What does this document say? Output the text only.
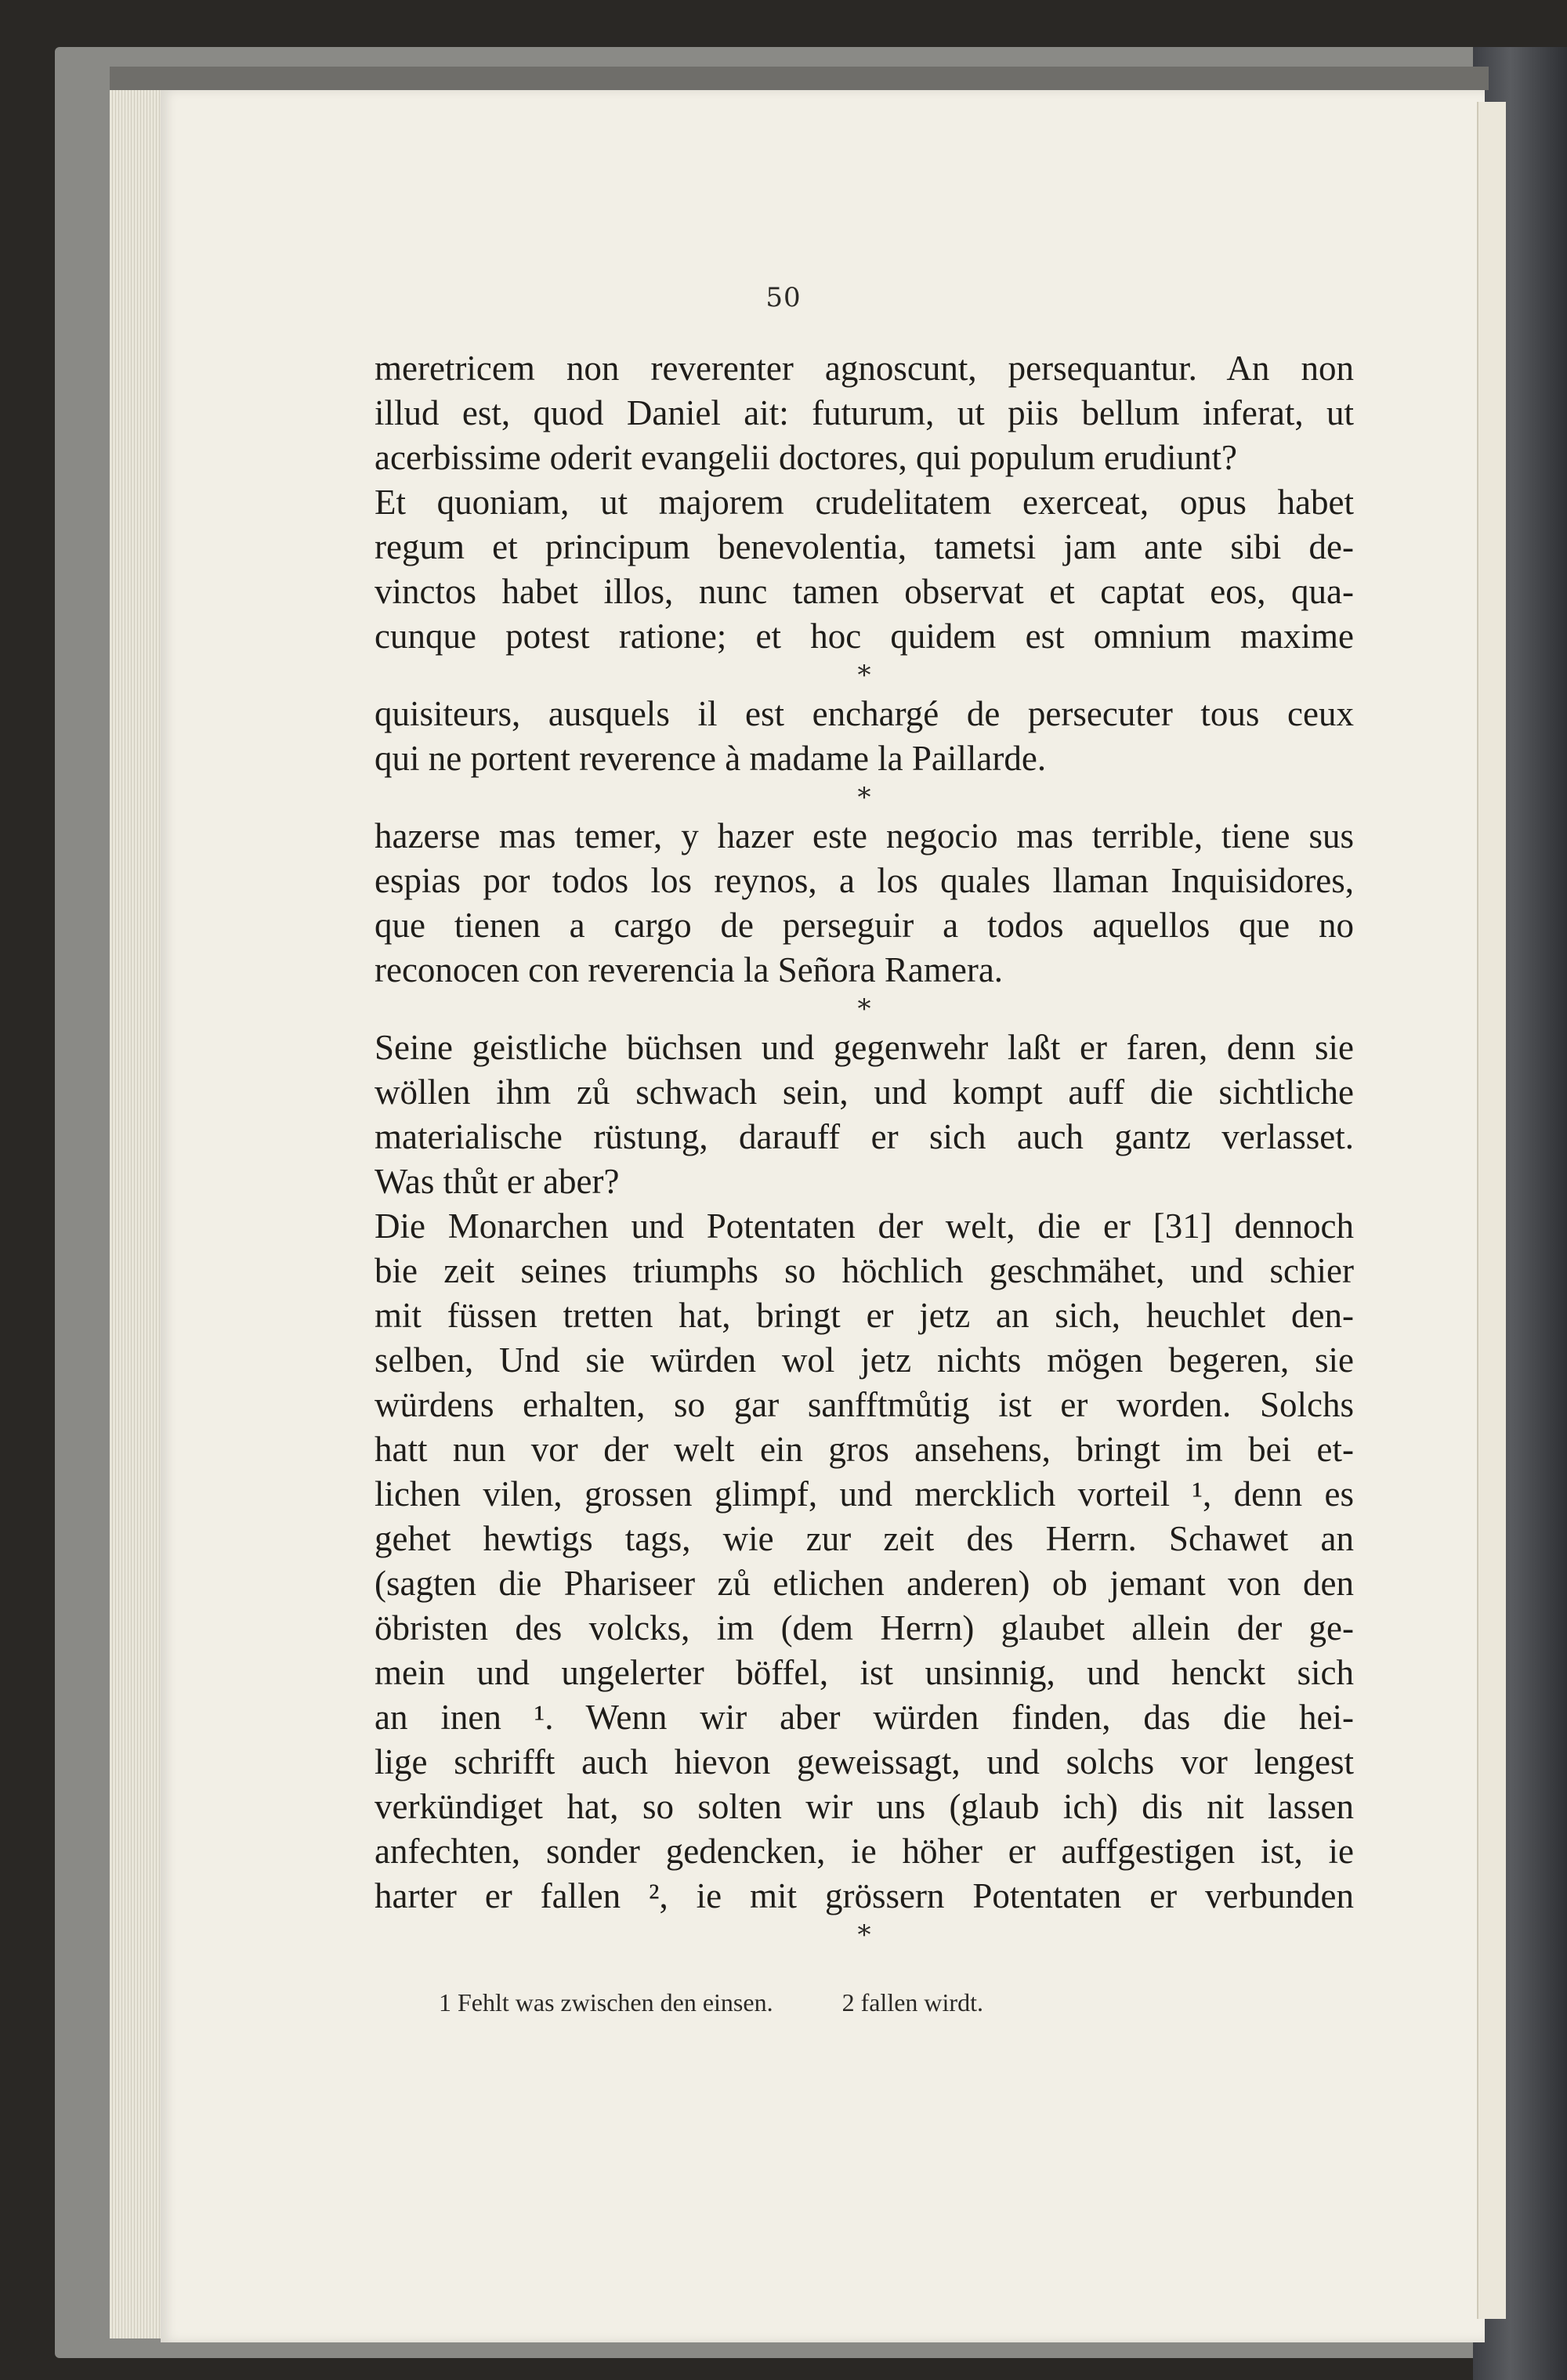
50
meretricem non reverenter agnoscunt, persequantur. An non
illud est, quod Daniel ait: futurum, ut piis bellum inferat, ut
acerbissime oderit evangelii doctores, qui populum erudiunt?
Et quoniam, ut majorem crudelitatem exerceat, opus habet
regum et principum benevolentia, tametsi jam ante sibi de-
vinctos habet illos, nunc tamen observat et captat eos, qua-
cunque potest ratione; et hoc quidem est omnium maxime
*
quisiteurs, ausquels il est enchargé de persecuter tous ceux
qui ne portent reverence à madame la Paillarde.
*
hazerse mas temer, y hazer este negocio mas terrible, tiene sus
espias por todos los reynos, a los quales llaman Inquisidores,
que tienen a cargo de perseguir a todos aquellos que no
reconocen con reverencia la Señora Ramera.
*
Seine geistliche büchsen und gegenwehr laßt er faren, denn sie
wöllen ihm zů schwach sein, und kompt auff die sichtliche
materialische rüstung, darauff er sich auch gantz verlasset.
Was thůt er aber?
Die Monarchen und Potentaten der welt, die er [31] dennoch
bie zeit seines triumphs so höchlich geschmähet, und schier
mit füssen tretten hat, bringt er jetz an sich, heuchlet den-
selben, Und sie würden wol jetz nichts mögen begeren, sie
würdens erhalten, so gar sanfftmůtig ist er worden. Solchs
hatt nun vor der welt ein gros ansehens, bringt im bei et-
lichen vilen, grossen glimpf, und mercklich vorteil ¹, denn es
gehet hewtigs tags, wie zur zeit des Herrn. Schawet an
(sagten die Phariseer zů etlichen anderen) ob jemant von den
öbristen des volcks, im (dem Herrn) glaubet allein der ge-
mein und ungelerter böffel, ist unsinnig, und henckt sich
an inen ¹. Wenn wir aber würden finden, das die hei-
lige schrifft auch hievon geweissagt, und solchs vor lengest
verkündiget hat, so solten wir uns (glaub ich) dis nit lassen
anfechten, sonder gedencken, ie höher er auffgestigen ist, ie
harter er fallen ², ie mit grössern Potentaten er verbunden
*
1 Fehlt was zwischen den einsen.	2 fallen wirdt.
